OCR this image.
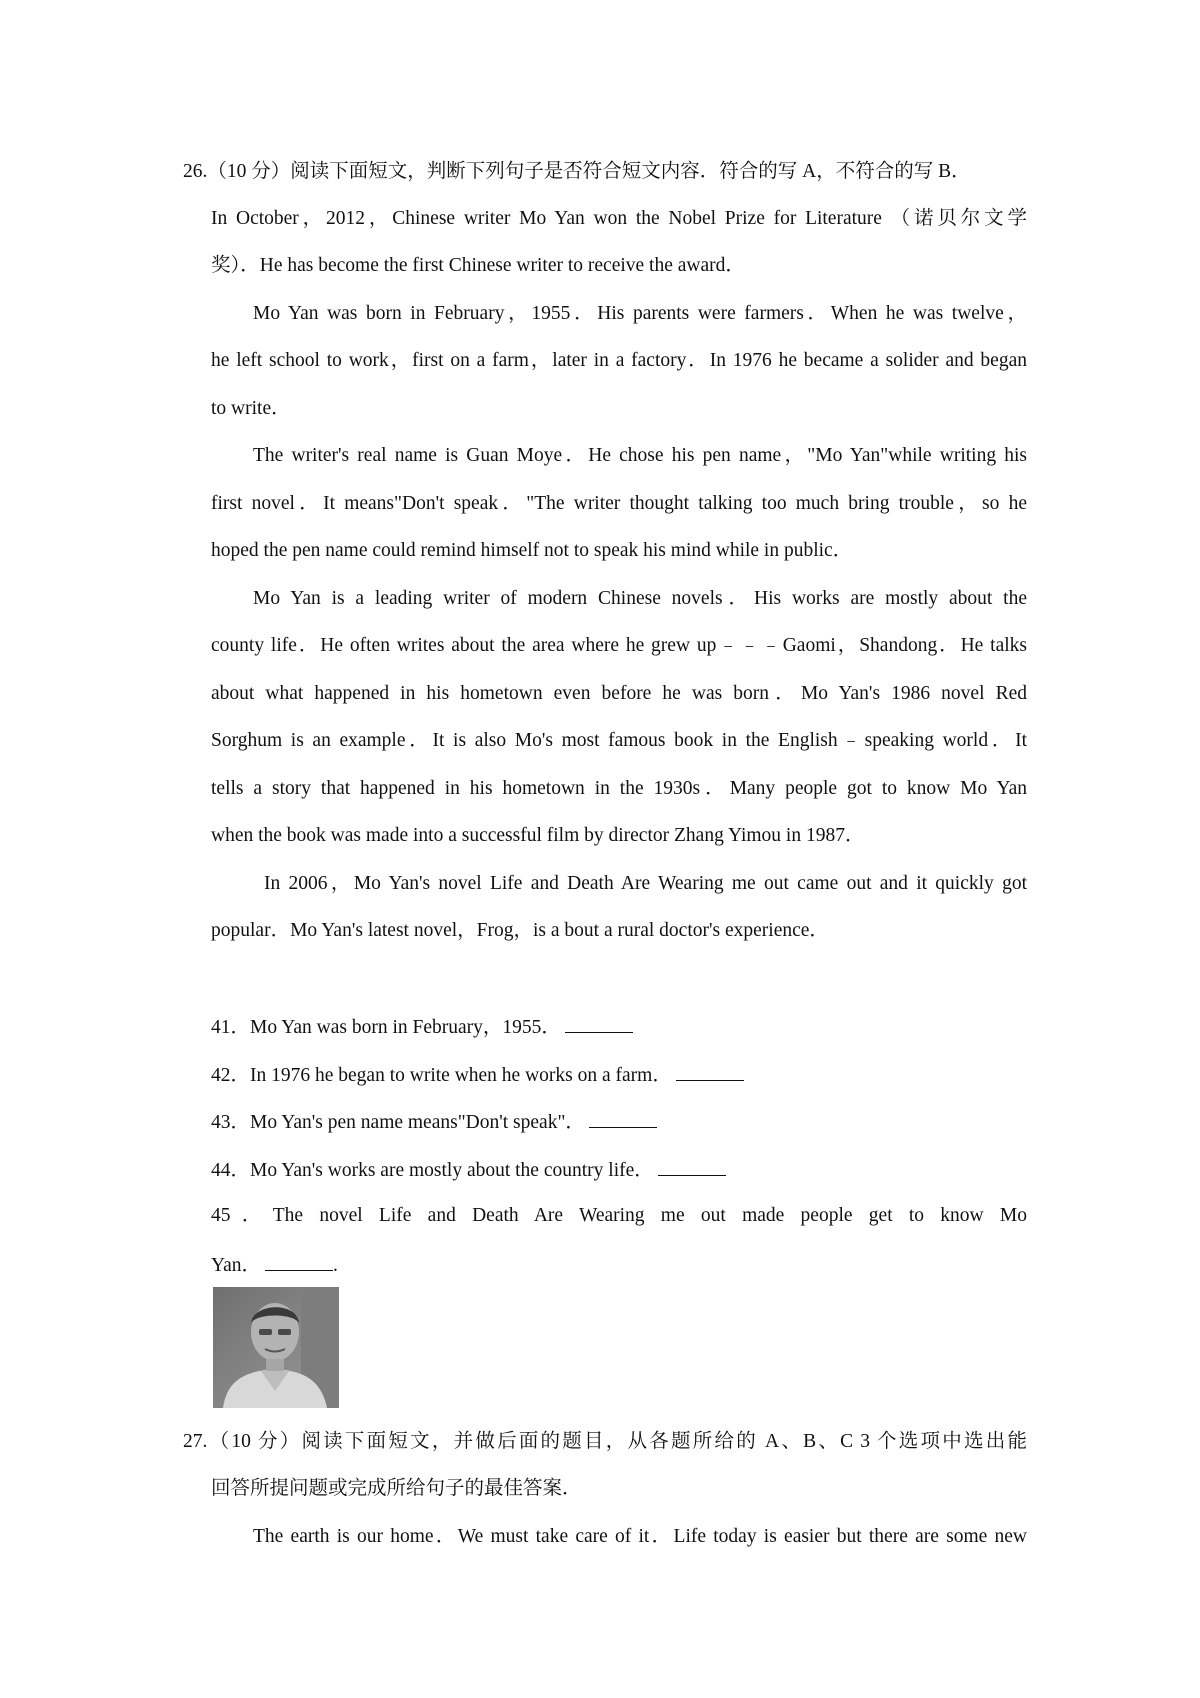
26.（10 分）阅读下面短文，判断下列句子是否符合短文内容．符合的写 A，不符合的写 B．
In October，2012，Chinese writer Mo Yan won the Nobel Prize for Literature （诺贝尔文学
奖）．He has become the first Chinese writer to receive the award．
Mo Yan was born in February，1955．His parents were farmers．When he was twelve，
he left school to work，first on a farm，later in a factory．In 1976 he became a solider and began
to write．
The writer's real name is Guan Moye．He chose his pen name，"Mo Yan"while writing his
first novel．It means"Don't speak．"The writer thought talking too much bring trouble，so he
hoped the pen name could remind himself not to speak his mind while in public．
Mo Yan is a leading writer of modern Chinese novels．His works are mostly about the
county life．He often writes about the area where he grew up﹣﹣﹣Gaomi，Shandong．He talks
about what happened in his hometown even before he was born．Mo Yan's 1986 novel Red
Sorghum is an example．It is also Mo's most famous book in the English﹣speaking world．It
tells a story that happened in his hometown in the 1930s．Many people got to know Mo Yan
when the book was made into a successful film by director Zhang Yimou in 1987．
In 2006，Mo Yan's novel Life and Death Are Wearing me out came out and it quickly got
popular．Mo Yan's latest novel，Frog，is a bout a rural doctor's experience．
41．Mo Yan was born in February，1955．
42．In 1976 he began to write when he works on a farm．
43．Mo Yan's pen name means"Don't speak"．
44．Mo Yan's works are mostly about the country life．
45．The novel Life and Death Are Wearing me out made people get to know Mo
Yan．	.
27.（10 分）阅读下面短文，并做后面的题目，从各题所给的 A、B、C 3 个选项中选出能
回答所提问题或完成所给句子的最佳答案．
The earth is our home．We must take care of it．Life today is easier but there are some new
